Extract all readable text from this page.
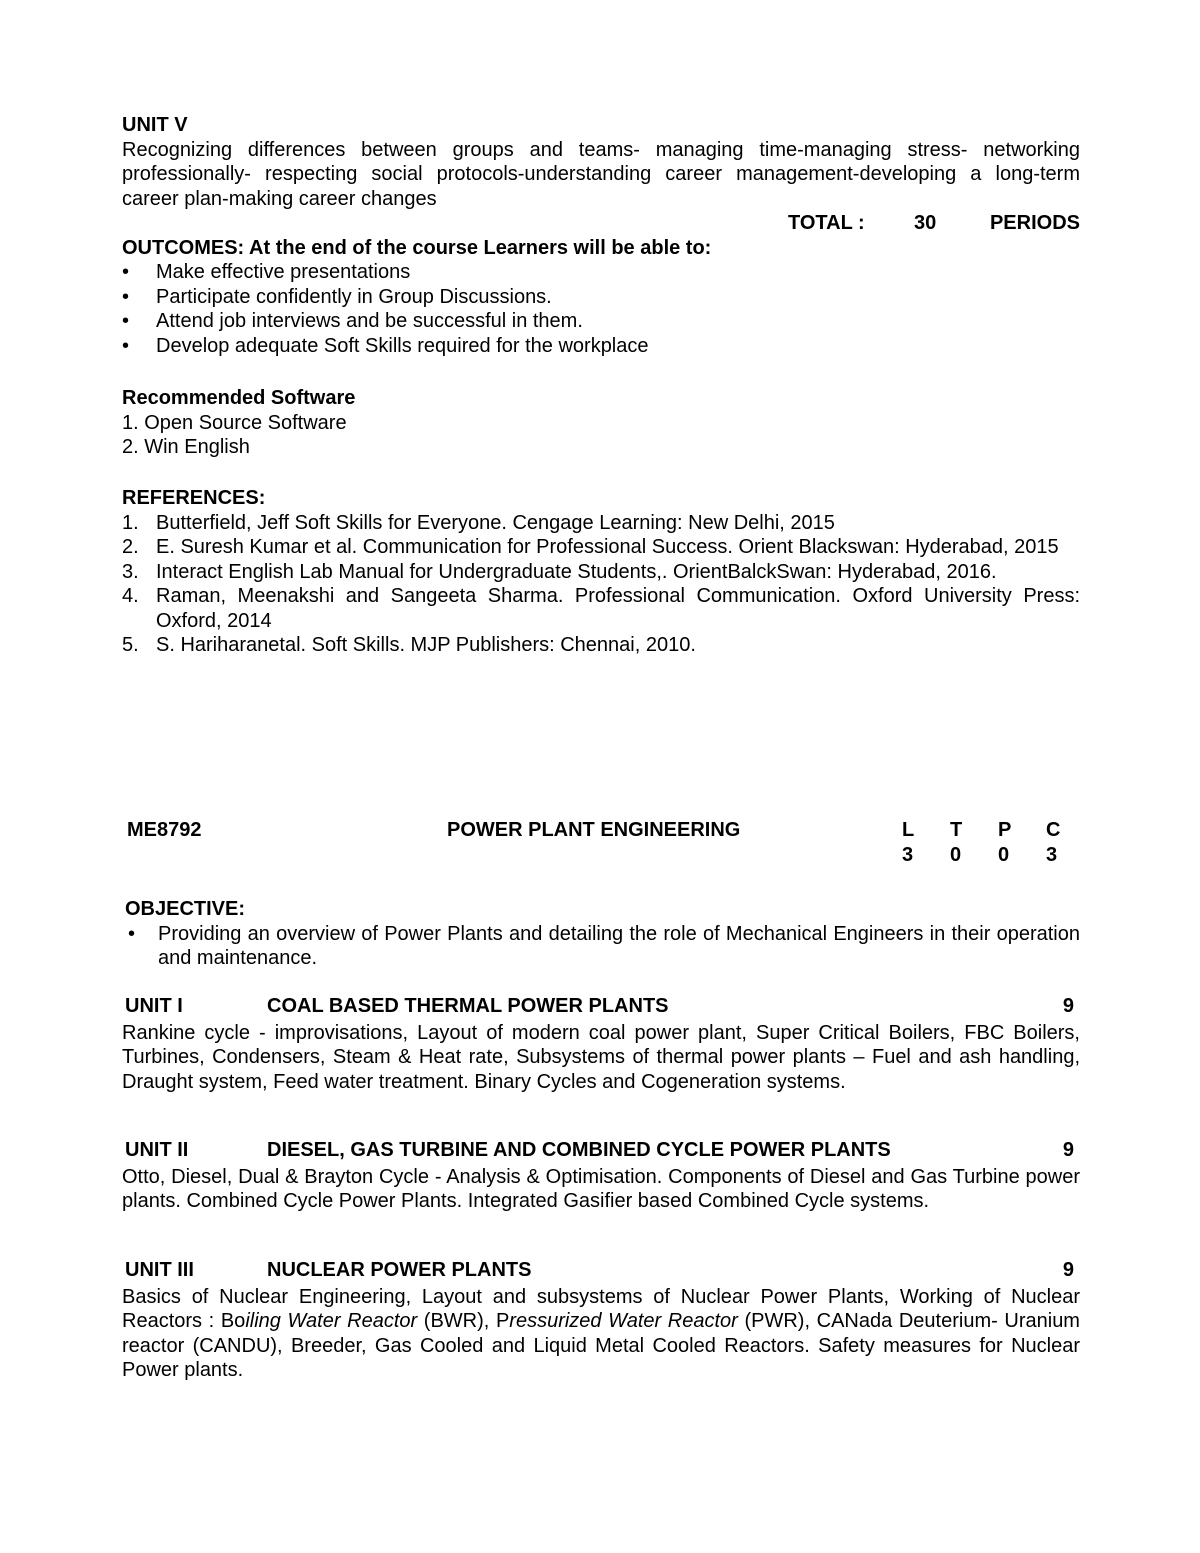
UNIT V

Recognizing differences between groups and teams- managing time-managing stress- networking professionally- respecting social protocols-understanding career management-developing a long-term career plan-making career changes

TOTAL :	30	PERIODS

OUTCOMES: At the end of the course Learners will be able to:

•	Make effective presentations
•	Participate confidently in Group Discussions.
•	Attend job interviews and be successful in them.
•	Develop adequate Soft Skills required for the workplace

Recommended Software

1. Open Source Software

2. Win English

REFERENCES:

1. Butterfield, Jeff Soft Skills for Everyone. Cengage Learning: New Delhi, 2015
2. E. Suresh Kumar et al. Communication for Professional Success. Orient Blackswan: Hyderabad, 2015
3. Interact English Lab Manual for Undergraduate Students,. OrientBalckSwan: Hyderabad, 2016.
4. Raman, Meenakshi and Sangeeta Sharma. Professional Communication. Oxford University Press: Oxford, 2014
5. S. Hariharanetal. Soft Skills. MJP Publishers: Chennai, 2010.
ME8792	POWER PLANT ENGINEERING	L	T	P	C
3	0	0	3

OBJECTIVE:

• Providing an overview of Power Plants and detailing the role of Mechanical Engineers in their operation and maintenance.
UNIT I	COAL BASED THERMAL POWER PLANTS	9

Rankine cycle - improvisations, Layout of modern coal power plant, Super Critical Boilers, FBC Boilers, Turbines, Condensers, Steam & Heat rate, Subsystems of thermal power plants – Fuel and ash handling, Draught system, Feed water treatment. Binary Cycles and Cogeneration systems.

UNIT II	DIESEL, GAS TURBINE AND COMBINED CYCLE POWER PLANTS	9

Otto, Diesel, Dual & Brayton Cycle - Analysis & Optimisation. Components of Diesel and Gas Turbine power plants. Combined Cycle Power Plants. Integrated Gasifier based Combined Cycle systems.

UNIT III	NUCLEAR POWER PLANTS	9

Basics of Nuclear Engineering, Layout and subsystems of Nuclear Power Plants, Working of Nuclear Reactors : Boiling Water Reactor (BWR), Pressurized Water Reactor (PWR), CANada Deuterium- Uranium reactor (CANDU), Breeder, Gas Cooled and Liquid Metal Cooled Reactors. Safety measures for Nuclear Power plants.
